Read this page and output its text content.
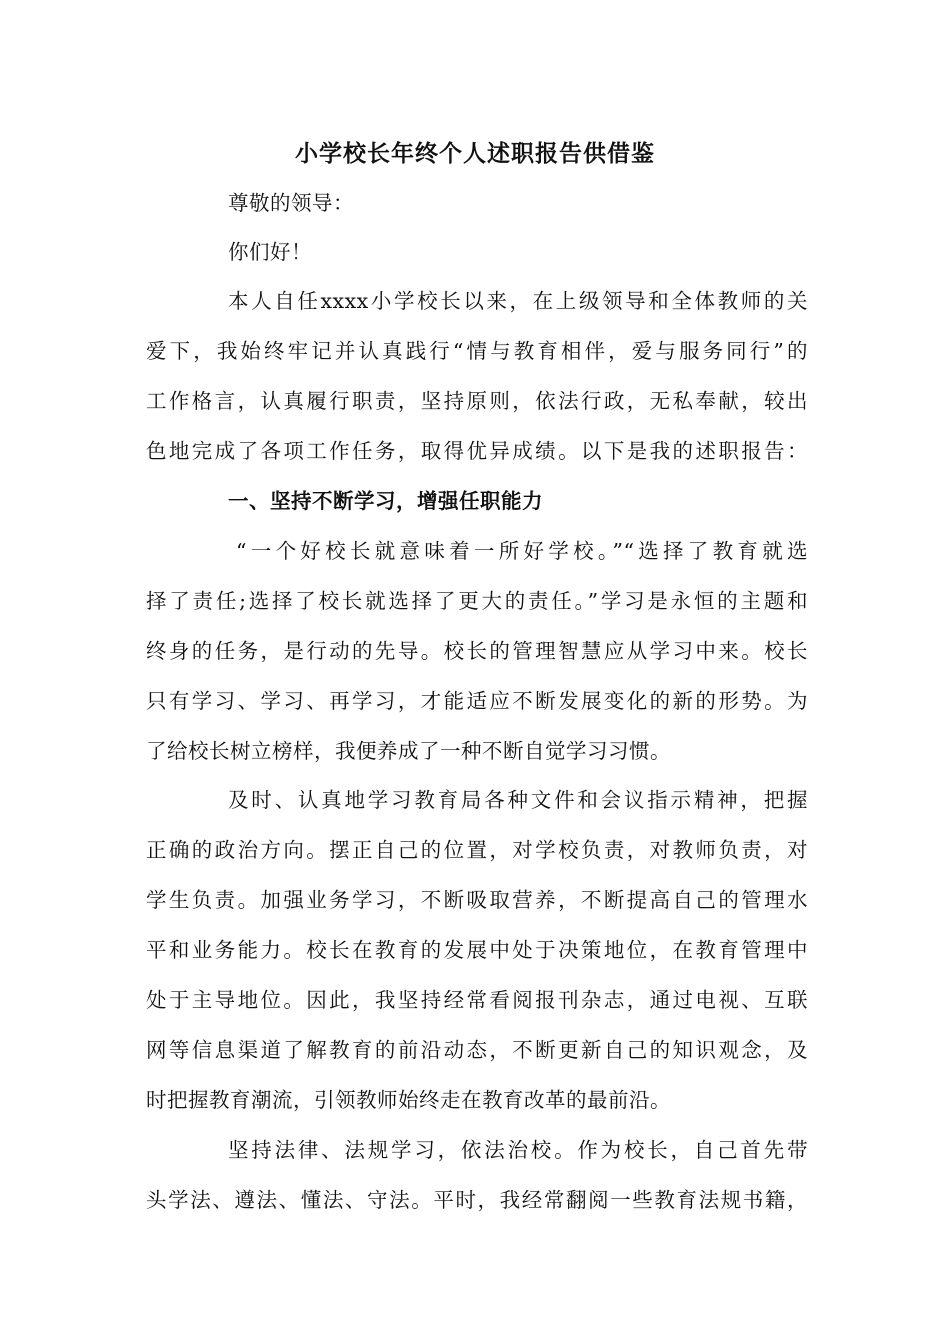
小学校长年终个人述职报告供借鉴
尊敬的领导：
你们好！
本人自任xxxx小学校长以来，在上级领导和全体教师的关
爱下，我始终牢记并认真践行“情与教育相伴，爱与服务同行”的
工作格言，认真履行职责，坚持原则，依法行政，无私奉献，较出
色地完成了各项工作任务，取得优异成绩。以下是我的述职报告：
一、坚持不断学习，增强任职能力
“一个好校长就意味着一所好学校。”“选择了教育就选
择了责任;选择了校长就选择了更大的责任。”学习是永恒的主题和
终身的任务，是行动的先导。校长的管理智慧应从学习中来。校长
只有学习、学习、再学习，才能适应不断发展变化的新的形势。为
了给校长树立榜样，我便养成了一种不断自觉学习习惯。
及时、认真地学习教育局各种文件和会议指示精神，把握
正确的政治方向。摆正自己的位置，对学校负责，对教师负责，对
学生负责。加强业务学习，不断吸取营养，不断提高自己的管理水
平和业务能力。校长在教育的发展中处于决策地位，在教育管理中
处于主导地位。因此，我坚持经常看阅报刊杂志，通过电视、互联
网等信息渠道了解教育的前沿动态，不断更新自己的知识观念，及
时把握教育潮流，引领教师始终走在教育改革的最前沿。
坚持法律、法规学习，依法治校。作为校长，自己首先带
头学法、遵法、懂法、守法。平时，我经常翻阅一些教育法规书籍，
